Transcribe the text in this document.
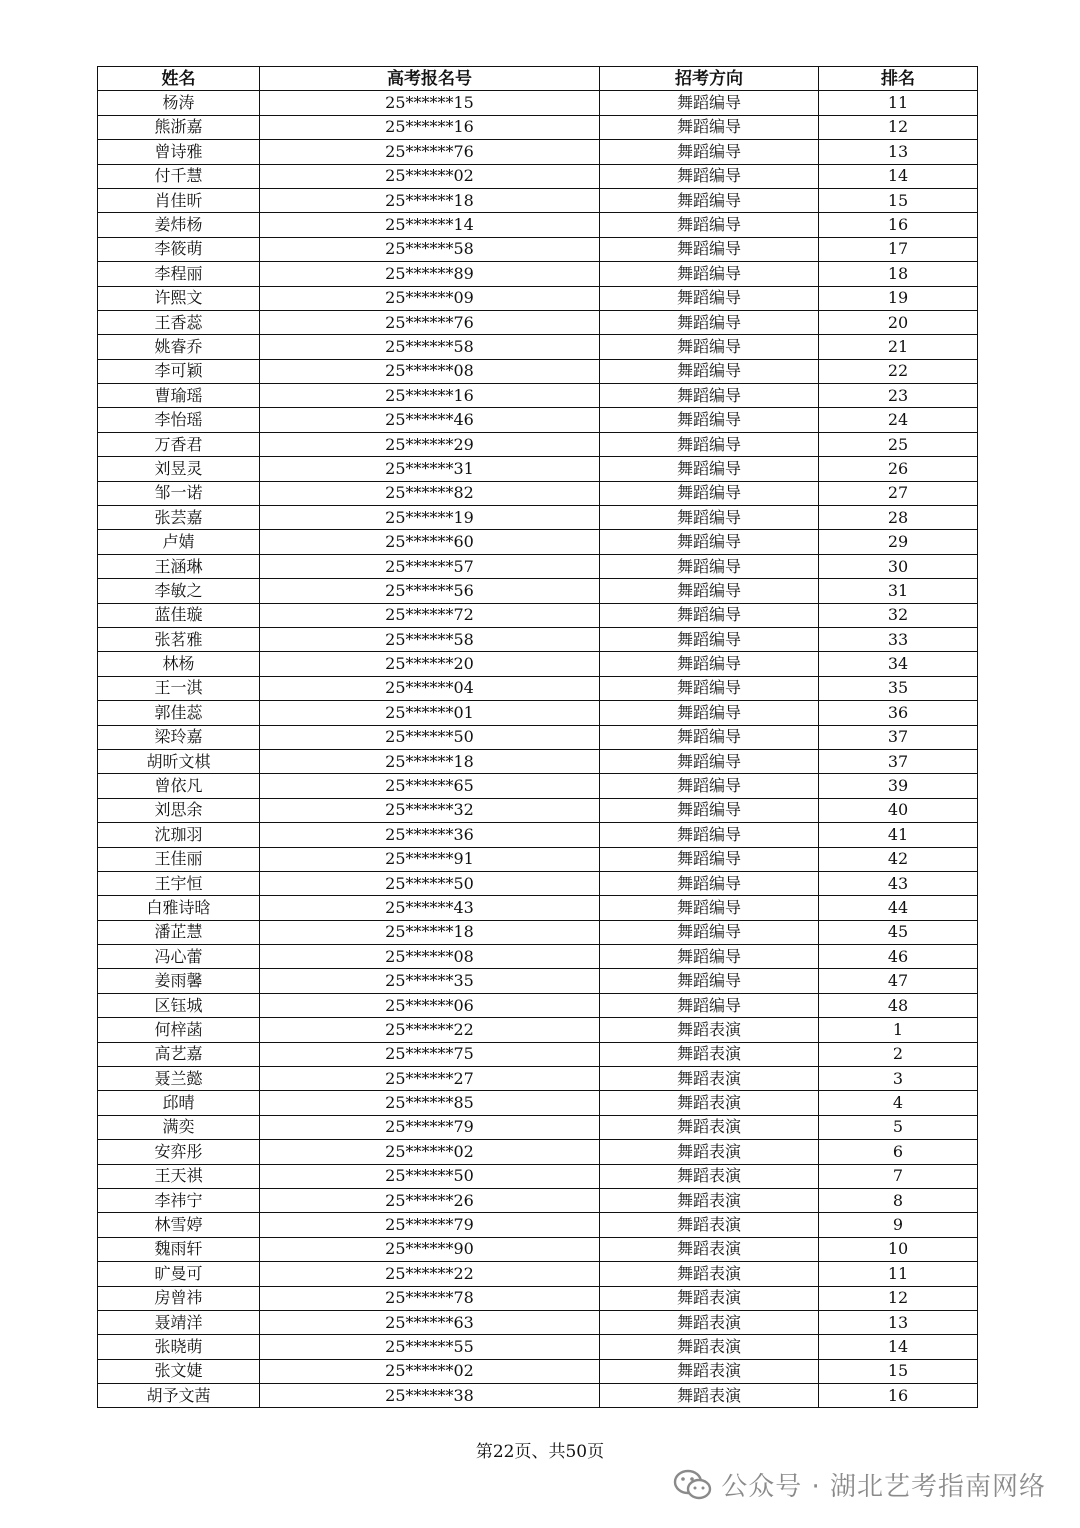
姓名	高考报名号	招考方向	排名
杨涛	25******15	舞蹈编导	11
熊浙嘉	25******16	舞蹈编导	12
曾诗雅	25******76	舞蹈编导	13
付千慧	25******02	舞蹈编导	14
肖佳昕	25******18	舞蹈编导	15
姜炜杨	25******14	舞蹈编导	16
李筱萌	25******58	舞蹈编导	17
李程丽	25******89	舞蹈编导	18
许熙文	25******09	舞蹈编导	19
王香蕊	25******76	舞蹈编导	20
姚睿乔	25******58	舞蹈编导	21
李可颖	25******08	舞蹈编导	22
曹瑜瑶	25******16	舞蹈编导	23
李怡瑶	25******46	舞蹈编导	24
万香君	25******29	舞蹈编导	25
刘昱灵	25******31	舞蹈编导	26
邹一诺	25******82	舞蹈编导	27
张芸嘉	25******19	舞蹈编导	28
卢婧	25******60	舞蹈编导	29
王涵琳	25******57	舞蹈编导	30
李敏之	25******56	舞蹈编导	31
蓝佳璇	25******72	舞蹈编导	32
张茗雅	25******58	舞蹈编导	33
林杨	25******20	舞蹈编导	34
王一淇	25******04	舞蹈编导	35
郭佳蕊	25******01	舞蹈编导	36
梁玲嘉	25******50	舞蹈编导	37
胡昕文棋	25******18	舞蹈编导	37
曾依凡	25******65	舞蹈编导	39
刘思余	25******32	舞蹈编导	40
沈珈羽	25******36	舞蹈编导	41
王佳丽	25******91	舞蹈编导	42
王宇恒	25******50	舞蹈编导	43
白雅诗晗	25******43	舞蹈编导	44
潘芷慧	25******18	舞蹈编导	45
冯心蕾	25******08	舞蹈编导	46
姜雨馨	25******35	舞蹈编导	47
区钰城	25******06	舞蹈编导	48
何梓菡	25******22	舞蹈表演	1
高艺嘉	25******75	舞蹈表演	2
聂兰懿	25******27	舞蹈表演	3
邱晴	25******85	舞蹈表演	4
满奕	25******79	舞蹈表演	5
安弈彤	25******02	舞蹈表演	6
王天祺	25******50	舞蹈表演	7
李祎宁	25******26	舞蹈表演	8
林雪婷	25******79	舞蹈表演	9
魏雨轩	25******90	舞蹈表演	10
旷曼可	25******22	舞蹈表演	11
房曾祎	25******78	舞蹈表演	12
聂靖洋	25******63	舞蹈表演	13
张晓萌	25******55	舞蹈表演	14
张文婕	25******02	舞蹈表演	15
胡予文茜	25******38	舞蹈表演	16
第22页、共50页
公众号 · 湖北艺考指南网络
